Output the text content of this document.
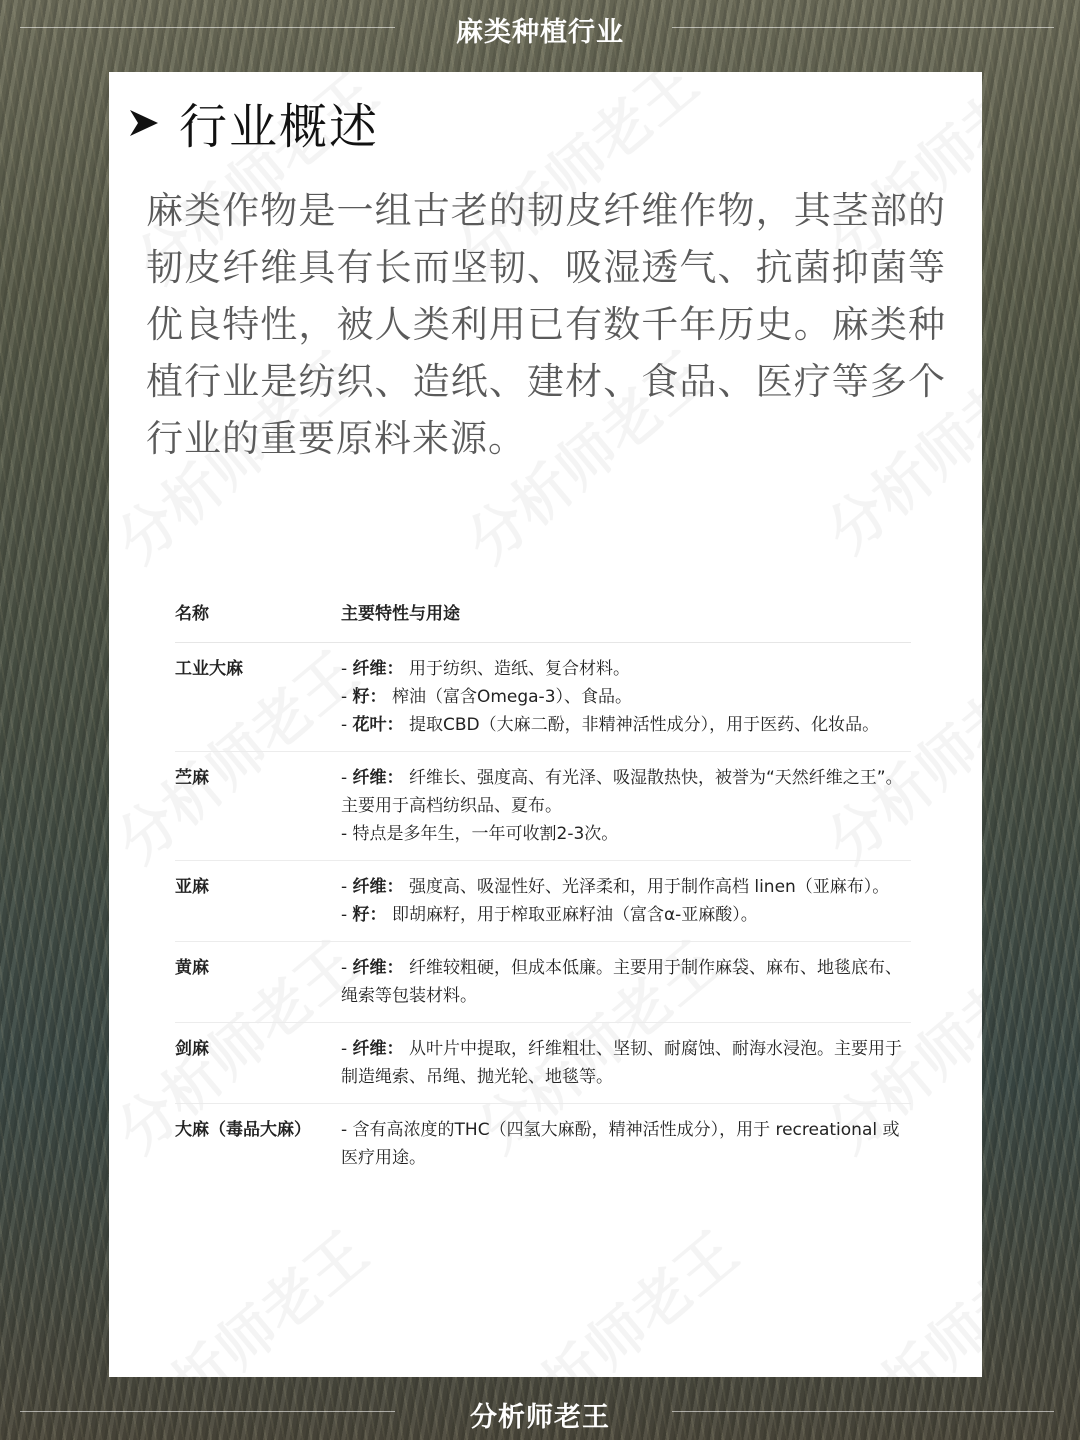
麻类种植行业
行业概述
麻类作物是一组古老的韧皮纤维作物，其茎部的韧皮纤维具有长而坚韧、吸湿透气、抗菌抑菌等优良特性，被人类利用已有数千年历史。麻类种植行业是纺织、造纸、建材、食品、医疗等多个行业的重要原料来源。
名称	主要特性与用途
工业大麻	- 纤维： 用于纺织、造纸、复合材料。
- 籽： 榨油（富含Omega-3）、食品。
- 花叶： 提取CBD（大麻二酚，非精神活性成分），用于医药、化妆品。
苎麻	- 纤维： 纤维长、强度高、有光泽、吸湿散热快，被誉为“天然纤维之王”。主要用于高档纺织品、夏布。
- 特点是多年生，一年可收割2-3次。
亚麻	- 纤维： 强度高、吸湿性好、光泽柔和，用于制作高档 linen（亚麻布）。
- 籽： 即胡麻籽，用于榨取亚麻籽油（富含α-亚麻酸）。
黄麻	- 纤维： 纤维较粗硬，但成本低廉。主要用于制作麻袋、麻布、地毯底布、绳索等包装材料。
剑麻	- 纤维： 从叶片中提取，纤维粗壮、坚韧、耐腐蚀、耐海水浸泡。主要用于制造绳索、吊绳、抛光轮、地毯等。
大麻（毒品大麻）	- 含有高浓度的THC（四氢大麻酚，精神活性成分），用于 recreational 或医疗用途。
分析师老王
